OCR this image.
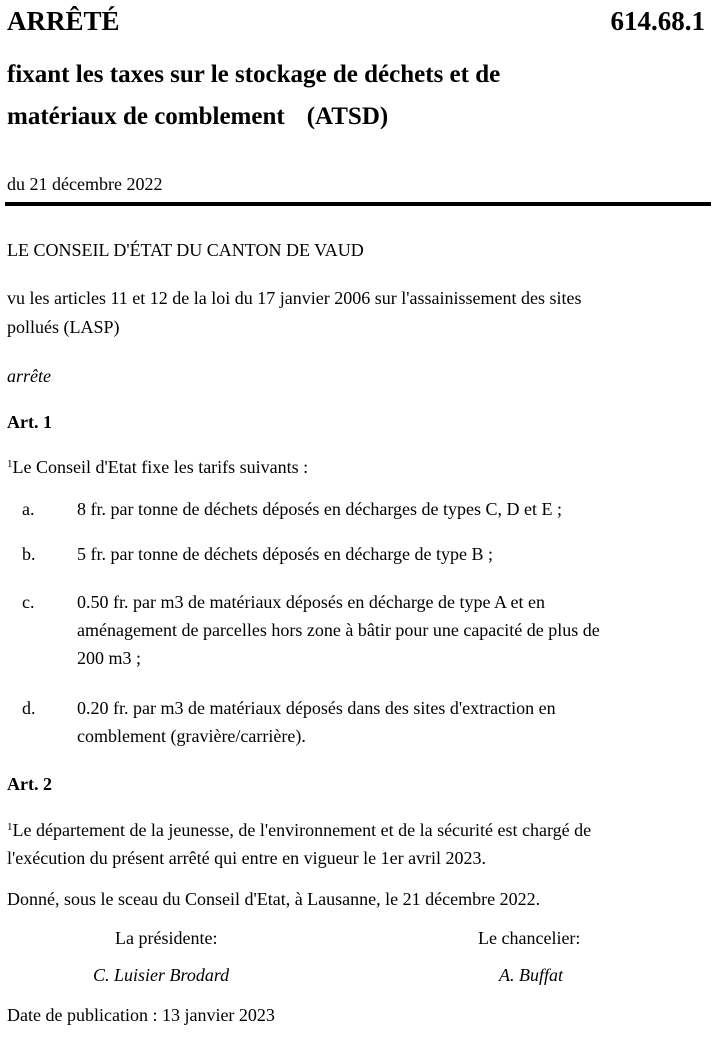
ARRÊTÉ	614.68.1
fixant les taxes sur le stockage de déchets et de
matériaux de comblement (ATSD)
du 21 décembre 2022
LE CONSEIL D'ÉTAT DU CANTON DE VAUD
vu les articles 11 et 12 de la loi du 17 janvier 2006 sur l'assainissement des sites
pollués (LASP)
arrête
Art. 1
$^1$Le Conseil d'Etat fixe les tarifs suivants :
a. 8 fr. par tonne de déchets déposés en décharges de types C, D et E ;
b. 5 fr. par tonne de déchets déposés en décharge de type B ;
c. 0.50 fr. par m3 de matériaux déposés en décharge de type A et en
aménagement de parcelles hors zone à bâtir pour une capacité de plus de
200 m3 ;
d. 0.20 fr. par m3 de matériaux déposés dans des sites d'extraction en
comblement (gravière/carrière).
Art. 2
$^1$Le département de la jeunesse, de l'environnement et de la sécurité est chargé de
l'exécution du présent arrêté qui entre en vigueur le 1er avril 2023.
Donné, sous le sceau du Conseil d'Etat, à Lausanne, le 21 décembre 2022.
La présidente:	Le chancelier:
C. Luisier Brodard	A. Buffat
Date de publication : 13 janvier 2023
